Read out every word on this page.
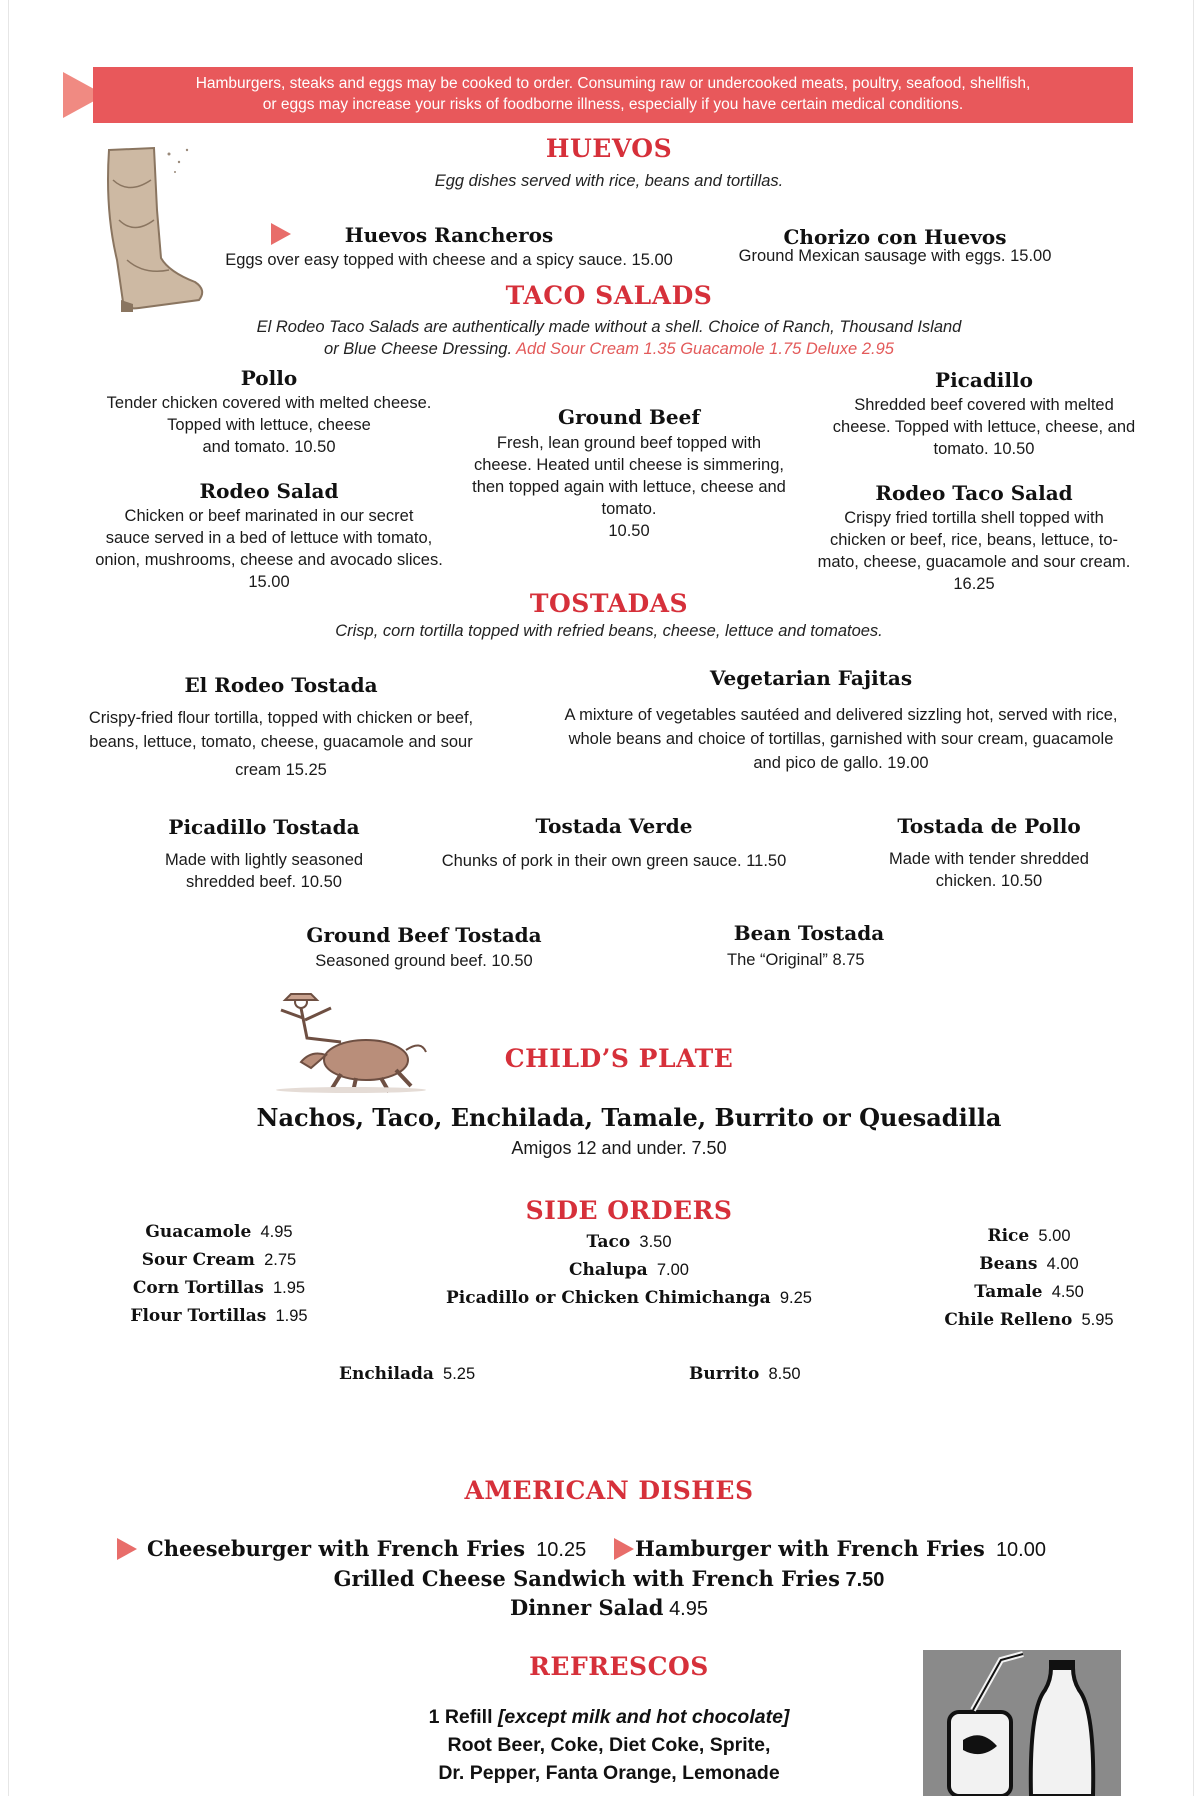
Hamburgers, steaks and eggs may be cooked to order. Consuming raw or undercooked meats, poultry, seafood, shellfish,
or eggs may increase your risks of foodborne illness, especially if you have certain medical conditions.
HUEVOS
Egg dishes served with rice, beans and tortillas.
Huevos Rancheros
Eggs over easy topped with cheese and a spicy sauce. 15.00
Chorizo con Huevos
Ground Mexican sausage with eggs. 15.00
TACO SALADS
El Rodeo Taco Salads are authentically made without a shell. Choice of Ranch, Thousand Island
or Blue Cheese Dressing. Add Sour Cream 1.35 Guacamole 1.75 Deluxe 2.95
Pollo
Tender chicken covered with melted cheese.
Topped with lettuce, cheese
and tomato. 10.50
Ground Beef
Fresh, lean ground beef topped with
cheese. Heated until cheese is simmering,
then topped again with lettuce, cheese and
tomato.
10.50
Picadillo
Shredded beef covered with melted
cheese. Topped with lettuce, cheese, and
tomato. 10.50
Rodeo Salad
Chicken or beef marinated in our secret
sauce served in a bed of lettuce with tomato,
onion, mushrooms, cheese and avocado slices.
15.00
Rodeo Taco Salad
Crispy fried tortilla shell topped with
chicken or beef, rice, beans, lettuce, to-
mato, cheese, guacamole and sour cream.
16.25
TOSTADAS
Crisp, corn tortilla topped with refried beans, cheese, lettuce and tomatoes.
El Rodeo Tostada
Crispy-fried flour tortilla, topped with chicken or beef,
beans, lettuce, tomato, cheese, guacamole and sour
cream 15.25
Vegetarian Fajitas
A mixture of vegetables sautéed and delivered sizzling hot, served with rice,
whole beans and choice of tortillas, garnished with sour cream, guacamole
and pico de gallo. 19.00
Picadillo Tostada
Made with lightly seasoned
shredded beef. 10.50
Tostada Verde
Chunks of pork in their own green sauce. 11.50
Tostada de Pollo
Made with tender shredded
chicken. 10.50
Ground Beef Tostada
Seasoned ground beef. 10.50
Bean Tostada
The “Original” 8.75
CHILD’S PLATE
Nachos, Taco, Enchilada, Tamale, Burrito or Quesadilla
Amigos 12 and under. 7.50
SIDE ORDERS
Guacamole 4.95
Sour Cream 2.75
Corn Tortillas 1.95
Flour Tortillas 1.95
Taco 3.50
Chalupa 7.00
Picadillo or Chicken Chimichanga 9.25
Rice 5.00
Beans 4.00
Tamale 4.50
Chile Relleno 5.95
Enchilada 5.25	Burrito 8.50
AMERICAN DISHES
Cheeseburger with French Fries 10.25 Hamburger with French Fries 10.00
Grilled Cheese Sandwich with French Fries 7.50
Dinner Salad 4.95
REFRESCOS
1 Refill [except milk and hot chocolate]
Root Beer, Coke, Diet Coke, Sprite,
Dr. Pepper, Fanta Orange, Lemonade
